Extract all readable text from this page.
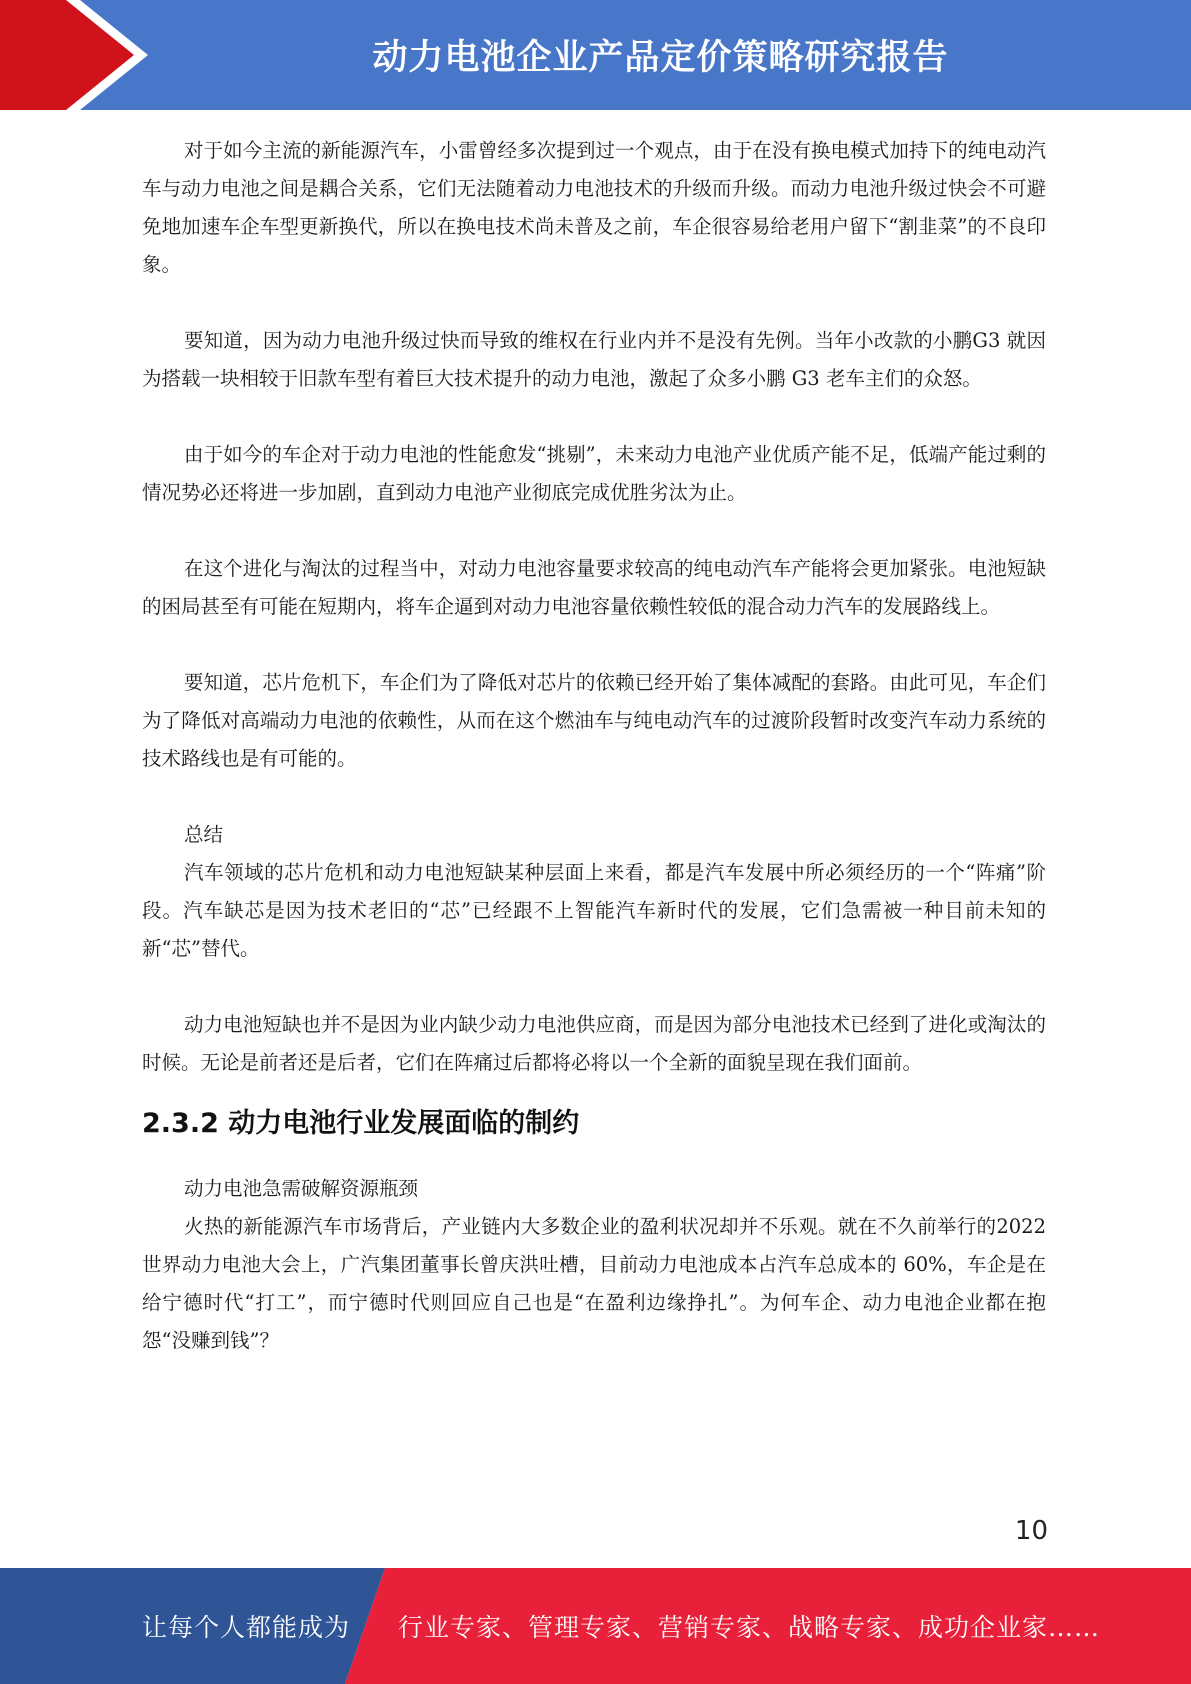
动力电池企业产品定价策略研究报告

对于如今主流的新能源汽车，小雷曾经多次提到过一个观点，由于在没有换电模式加持下的纯电动汽车与动力电池之间是耦合关系，它们无法随着动力电池技术的升级而升级。而动力电池升级过快会不可避免地加速车企车型更新换代，所以在换电技术尚未普及之前，车企很容易给老用户留下“割韭菜”的不良印象。

要知道，因为动力电池升级过快而导致的维权在行业内并不是没有先例。当年小改款的小鹏G3 就因为搭载一块相较于旧款车型有着巨大技术提升的动力电池，激起了众多小鹏 G3 老车主们的众怒。

由于如今的车企对于动力电池的性能愈发“挑剔”，未来动力电池产业优质产能不足，低端产能过剩的情况势必还将进一步加剧，直到动力电池产业彻底完成优胜劣汰为止。

在这个进化与淘汰的过程当中，对动力电池容量要求较高的纯电动汽车产能将会更加紧张。电池短缺的困局甚至有可能在短期内，将车企逼到对动力电池容量依赖性较低的混合动力汽车的发展路线上。

要知道，芯片危机下，车企们为了降低对芯片的依赖已经开始了集体减配的套路。由此可见，车企们为了降低对高端动力电池的依赖性，从而在这个燃油车与纯电动汽车的过渡阶段暂时改变汽车动力系统的技术路线也是有可能的。

总结

汽车领域的芯片危机和动力电池短缺某种层面上来看，都是汽车发展中所必须经历的一个“阵痛”阶段。汽车缺芯是因为技术老旧的“芯”已经跟不上智能汽车新时代的发展，它们急需被一种目前未知的新“芯”替代。

动力电池短缺也并不是因为业内缺少动力电池供应商，而是因为部分电池技术已经到了进化或淘汰的时候。无论是前者还是后者，它们在阵痛过后都将必将以一个全新的面貌呈现在我们面前。

2.3.2 动力电池行业发展面临的制约

动力电池急需破解资源瓶颈

火热的新能源汽车市场背后，产业链内大多数企业的盈利状况却并不乐观。就在不久前举行的2022 世界动力电池大会上，广汽集团董事长曾庆洪吐槽，目前动力电池成本占汽车总成本的 60%，车企是在给宁德时代“打工”，而宁德时代则回应自己也是“在盈利边缘挣扎”。为何车企、动力电池企业都在抱怨“没赚到钱”？

10
让每个人都能成为 行业专家、管理专家、营销专家、战略专家、成功企业家……
